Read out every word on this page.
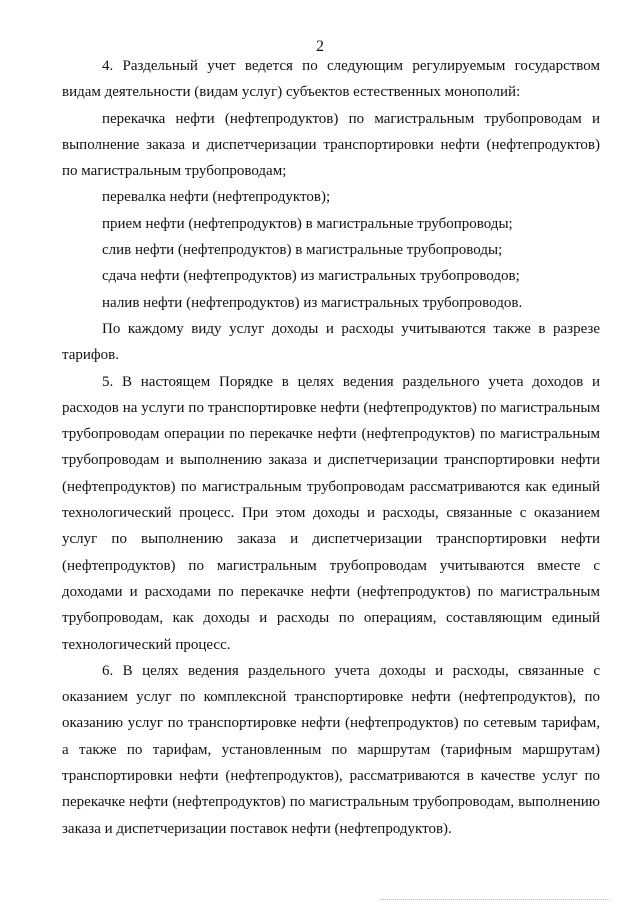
2

4. Раздельный учет ведется по следующим регулируемым государством видам деятельности (видам услуг) субъектов естественных монополий:

перекачка нефти (нефтепродуктов) по магистральным трубопроводам и выполнение заказа и диспетчеризации транспортировки нефти (нефтепродуктов) по магистральным трубопроводам;

перевалка нефти (нефтепродуктов);

прием нефти (нефтепродуктов) в магистральные трубопроводы;

слив нефти (нефтепродуктов) в магистральные трубопроводы;

сдача нефти (нефтепродуктов) из магистральных трубопроводов;

налив нефти (нефтепродуктов) из магистральных трубопроводов.

По каждому виду услуг доходы и расходы учитываются также в разрезе тарифов.

5. В настоящем Порядке в целях ведения раздельного учета доходов и расходов на услуги по транспортировке нефти (нефтепродуктов) по магистральным трубопроводам операции по перекачке нефти (нефтепродуктов) по магистральным трубопроводам и выполнению заказа и диспетчеризации транспортировки нефти (нефтепродуктов) по магистральным трубопроводам рассматриваются как единый технологический процесс. При этом доходы и расходы, связанные с оказанием услуг по выполнению заказа и диспетчеризации транспортировки нефти (нефтепродуктов) по магистральным трубопроводам учитываются вместе с доходами и расходами по перекачке нефти (нефтепродуктов) по магистральным трубопроводам, как доходы и расходы по операциям, составляющим единый технологический процесс.

6. В целях ведения раздельного учета доходы и расходы, связанные с оказанием услуг по комплексной транспортировке нефти (нефтепродуктов), по оказанию услуг по транспортировке нефти (нефтепродуктов) по сетевым тарифам, а также по тарифам, установленным по маршрутам (тарифным маршрутам) транспортировки нефти (нефтепродуктов), рассматриваются в качестве услуг по перекачке нефти (нефтепродуктов) по магистральным трубопроводам, выполнению заказа и диспетчеризации поставок нефти (нефтепродуктов).
